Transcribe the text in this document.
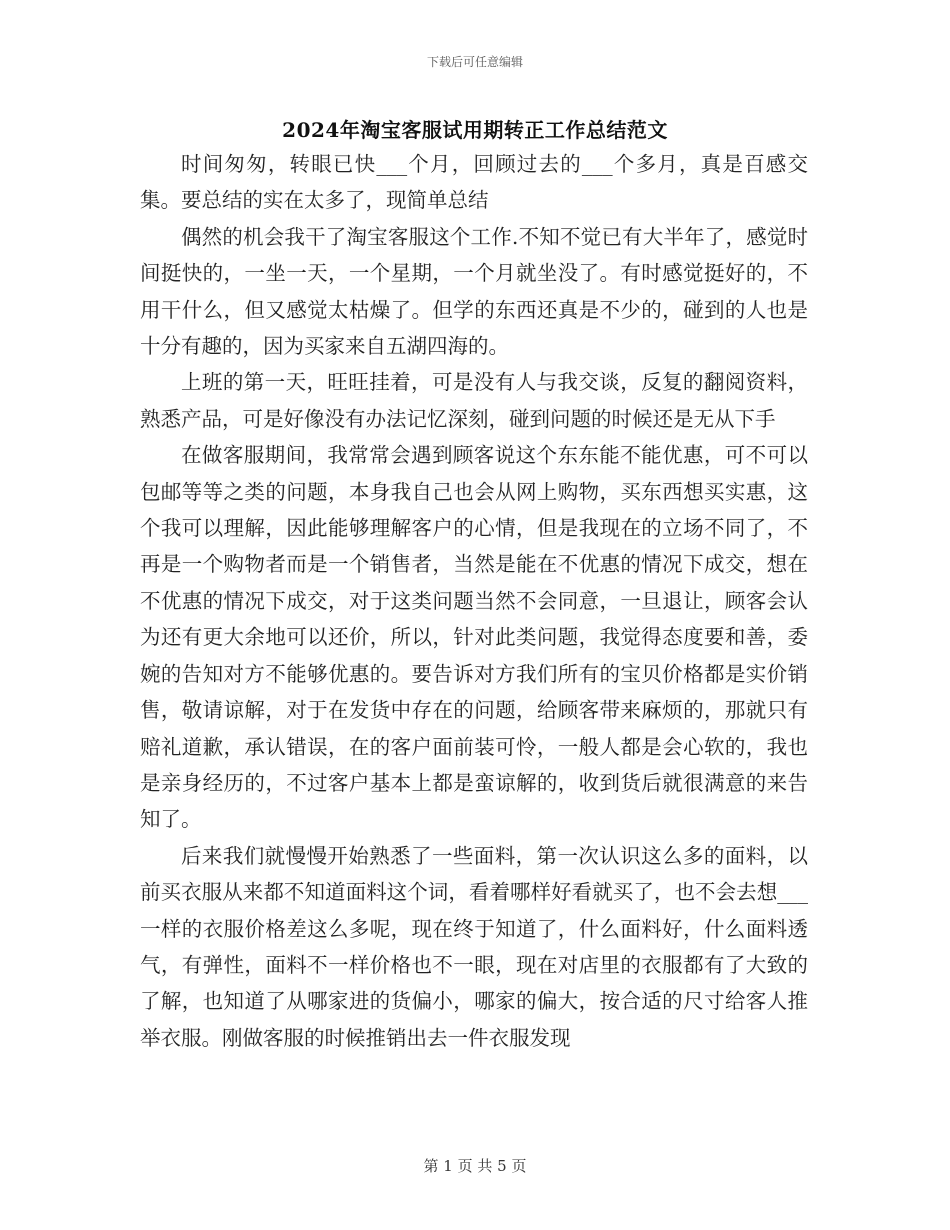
下载后可任意编辑
2024年淘宝客服试用期转正工作总结范文

时间匆匆，转眼已快___个月，回顾过去的___个多月，真是百感交集。要总结的实在太多了，现简单总结

偶然的机会我干了淘宝客服这个工作.不知不觉已有大半年了，感觉时间挺快的，一坐一天，一个星期，一个月就坐没了。有时感觉挺好的，不用干什么，但又感觉太枯燥了。但学的东西还真是不少的，碰到的人也是十分有趣的，因为买家来自五湖四海的。

上班的第一天，旺旺挂着，可是没有人与我交谈，反复的翻阅资料，熟悉产品，可是好像没有办法记忆深刻，碰到问题的时候还是无从下手

在做客服期间，我常常会遇到顾客说这个东东能不能优惠，可不可以包邮等等之类的问题，本身我自己也会从网上购物，买东西想买实惠，这个我可以理解，因此能够理解客户的心情，但是我现在的立场不同了，不再是一个购物者而是一个销售者，当然是能在不优惠的情况下成交，想在不优惠的情况下成交，对于这类问题当然不会同意，一旦退让，顾客会认为还有更大余地可以还价，所以，针对此类问题，我觉得态度要和善，委婉的告知对方不能够优惠的。要告诉对方我们所有的宝贝价格都是实价销售，敬请谅解，对于在发货中存在的问题，给顾客带来麻烦的，那就只有赔礼道歉，承认错误，在的客户面前装可怜，一般人都是会心软的，我也是亲身经历的，不过客户基本上都是蛮谅解的，收到货后就很满意的来告知了。

后来我们就慢慢开始熟悉了一些面料，第一次认识这么多的面料，以前买衣服从来都不知道面料这个词，看着哪样好看就买了，也不会去想___一样的衣服价格差这么多呢，现在终于知道了，什么面料好，什么面料透气，有弹性，面料不一样价格也不一眼，现在对店里的衣服都有了大致的了解，也知道了从哪家进的货偏小，哪家的偏大，按合适的尺寸给客人推举衣服。刚做客服的时候推销出去一件衣服发现

第 1 页 共 5 页
